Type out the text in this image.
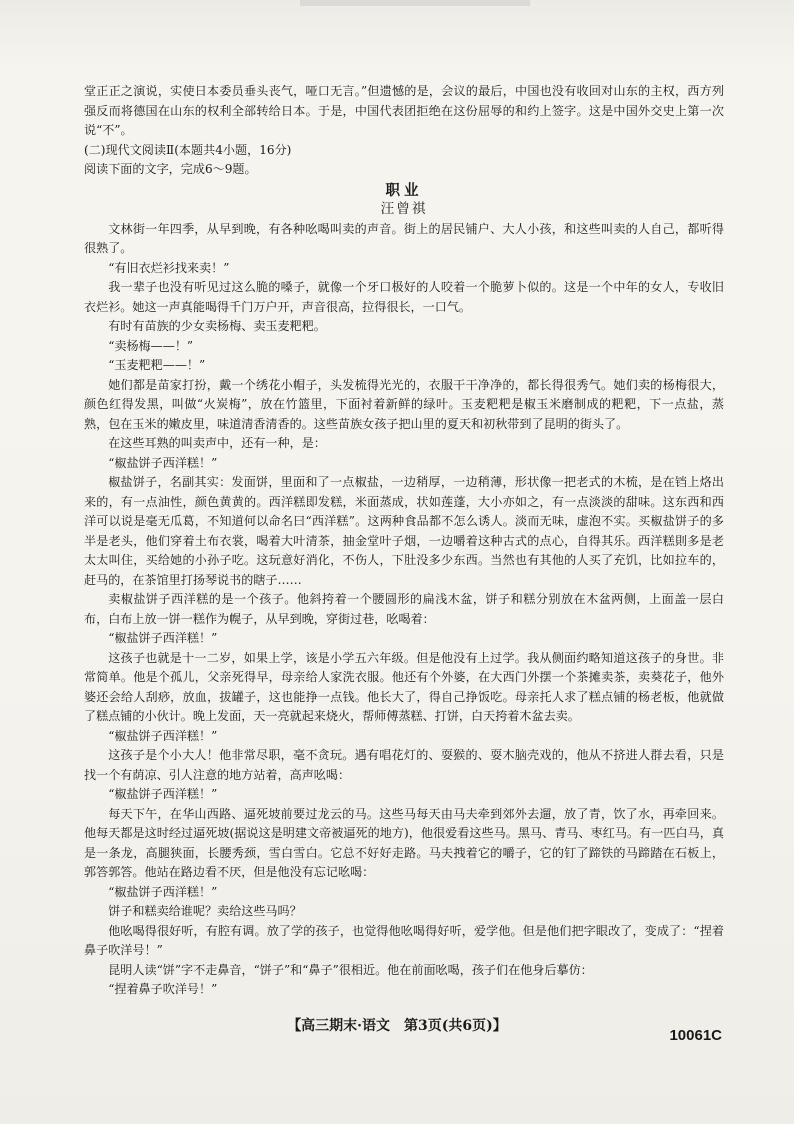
堂正正之演说，实使日本委员垂头丧气，哑口无言。”但遗憾的是，会议的最后，中国也没有收回对山东的主权，西方列强反而将德国在山东的权利全部转给日本。于是，中国代表团拒绝在这份屈辱的和约上签字。这是中国外交史上第一次说“不”。

(二)现代文阅读Ⅱ(本题共4小题，16分)

阅读下面的文字，完成6～9题。

职业

汪曾祺

文林街一年四季，从早到晚，有各种吆喝叫卖的声音。街上的居民铺户、大人小孩，和这些叫卖的人自己，都听得很熟了。

“有旧衣烂衫找来卖！”

我一辈子也没有听见过这么脆的嗓子，就像一个牙口极好的人咬着一个脆萝卜似的。这是一个中年的女人，专收旧衣烂衫。她这一声真能喝得千门万户开，声音很高，拉得很长，一口气。

有时有苗族的少女卖杨梅、卖玉麦粑粑。

“卖杨梅——！”

“玉麦粑粑——！”

她们都是苗家打扮，戴一个绣花小帽子，头发梳得光光的，衣服干干净净的，都长得很秀气。她们卖的杨梅很大，颜色红得发黑，叫做“火炭梅”，放在竹篮里，下面衬着新鲜的绿叶。玉麦粑粑是椒玉米磨制成的粑粑，下一点盐，蒸熟，包在玉米的嫩皮里，味道清香清香的。这些苗族女孩子把山里的夏天和初秋带到了昆明的街头了。

在这些耳熟的叫卖声中，还有一种，是：

“椒盐饼子西洋糕！”

椒盐饼子，名副其实：发面饼，里面和了一点椒盐，一边稍厚，一边稍薄，形状像一把老式的木梳，是在铛上烙出来的，有一点油性，颜色黄黄的。西洋糕即发糕，米面蒸成，状如莲蓬，大小亦如之，有一点淡淡的甜味。这东西和西洋可以说是毫无瓜葛，不知道何以命名曰“西洋糕”。这两种食品都不怎么诱人。淡而无味，虚泡不实。买椒盐饼子的多半是老头，他们穿着土布衣裳，喝着大叶清茶，抽金堂叶子烟，一边嚼着这种古式的点心，自得其乐。西洋糕則多是老太太叫住，买给她的小孙子吃。这玩意好消化，不伤人，下肚没多少东西。当然也有其他的人买了充饥，比如拉车的，赶马的，在茶馆里打扬琴说书的瞎子……

卖椒盐饼子西洋糕的是一个孩子。他斜挎着一个腰圆形的扁浅木盆，饼子和糕分别放在木盆两侧，上面盖一层白布，白布上放一饼一糕作为幌子，从早到晚，穿街过巷，吆喝着：

“椒盐饼子西洋糕！”

这孩子也就是十一二岁，如果上学，该是小学五六年级。但是他没有上过学。我从侧面约略知道这孩子的身世。非常简单。他是个孤儿，父亲死得早，母亲给人家洗衣服。他还有个外婆，在大西门外摆一个茶摊卖茶，卖葵花子，他外婆还会给人刮痧，放血，拔罐子，这也能挣一点钱。他长大了，得自己挣饭吃。母亲托人求了糕点铺的杨老板，他就做了糕点铺的小伙计。晚上发面，天一亮就起来烧火，帮师傅蒸糕、打饼，白天挎着木盆去卖。

“椒盐饼子西洋糕！”

这孩子是个小大人！他非常尽职，毫不贪玩。遇有唱花灯的、耍猴的、耍木脑壳戏的，他从不挤进人群去看，只是找一个有荫凉、引人注意的地方站着，高声吆喝：

“椒盐饼子西洋糕！”

每天下午，在华山西路、逼死坡前要过龙云的马。这些马每天由马夫牵到郊外去遛，放了青，饮了水，再牵回来。他每天都是这时经过逼死坡(据说这是明建文帝被逼死的地方)，他很爱看这些马。黑马、青马、枣红马。有一匹白马，真是一条龙，高腿狭面，长腰秀颈，雪白雪白。它总不好好走路。马夫拽着它的嚼子，它的钉了蹄铁的马蹄踏在石板上，郭答郭答。他站在路边看不厌，但是他没有忘记吆喝：

“椒盐饼子西洋糕！”

饼子和糕卖给谁呢？卖给这些马吗？

他吆喝得很好听，有腔有调。放了学的孩子，也觉得他吆喝得好听，爱学他。但是他们把字眼改了，变成了：“捏着鼻子吹洋号！”

昆明人读“饼”字不走鼻音，“饼子”和“鼻子”很相近。他在前面吆喝，孩子们在他身后摹仿：

“捏着鼻子吹洋号！”

【高三期末·语文　第3页(共6页)】
10061C
